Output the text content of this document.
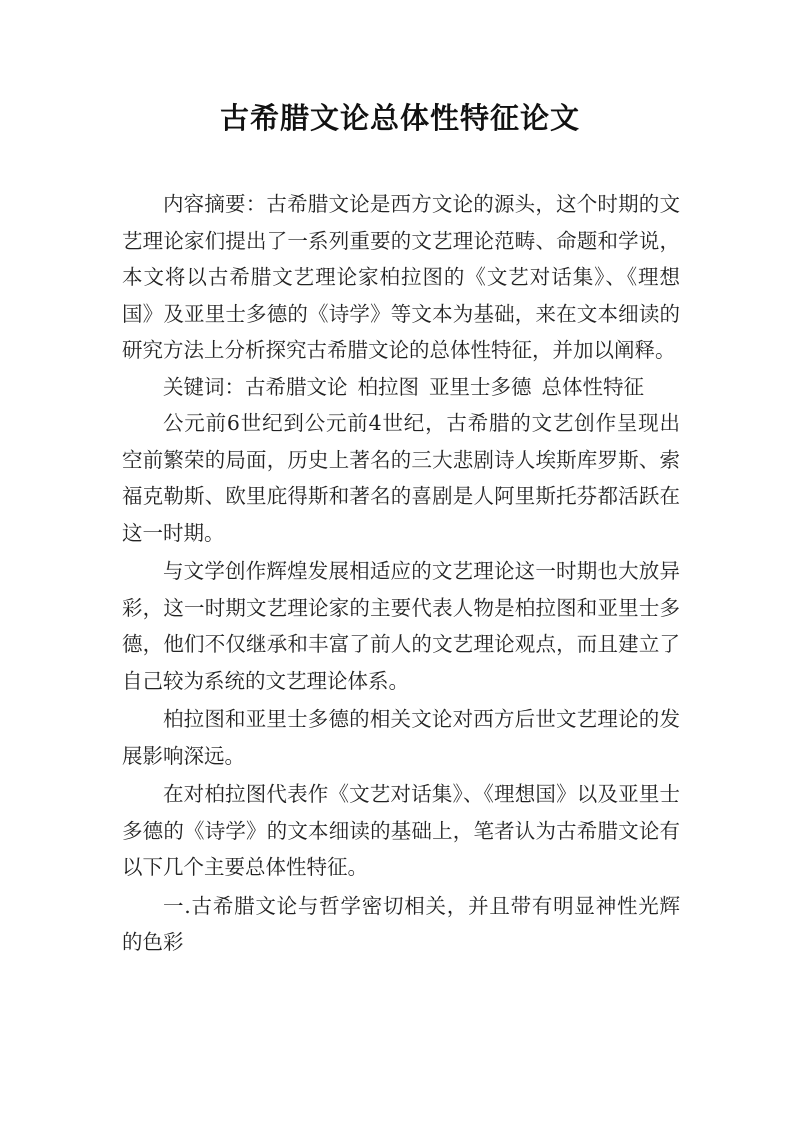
古希腊文论总体性特征论文

内容摘要：古希腊文论是西方文论的源头，这个时期的文艺理论家们提出了一系列重要的文艺理论范畴、命题和学说，本文将以古希腊文艺理论家柏拉图的《文艺对话集》、《理想国》及亚里士多德的《诗学》等文本为基础，来在文本细读的研究方法上分析探究古希腊文论的总体性特征，并加以阐释。

关键词：古希腊文论 柏拉图 亚里士多德 总体性特征

公元前6世纪到公元前4世纪，古希腊的文艺创作呈现出空前繁荣的局面，历史上著名的三大悲剧诗人埃斯库罗斯、索福克勒斯、欧里庇得斯和著名的喜剧是人阿里斯托芬都活跃在这一时期。

与文学创作辉煌发展相适应的文艺理论这一时期也大放异彩，这一时期文艺理论家的主要代表人物是柏拉图和亚里士多德，他们不仅继承和丰富了前人的文艺理论观点，而且建立了自己较为系统的文艺理论体系。

柏拉图和亚里士多德的相关文论对西方后世文艺理论的发展影响深远。

在对柏拉图代表作《文艺对话集》、《理想国》以及亚里士多德的《诗学》的文本细读的基础上，笔者认为古希腊文论有以下几个主要总体性特征。

一.古希腊文论与哲学密切相关，并且带有明显神性光辉的色彩
